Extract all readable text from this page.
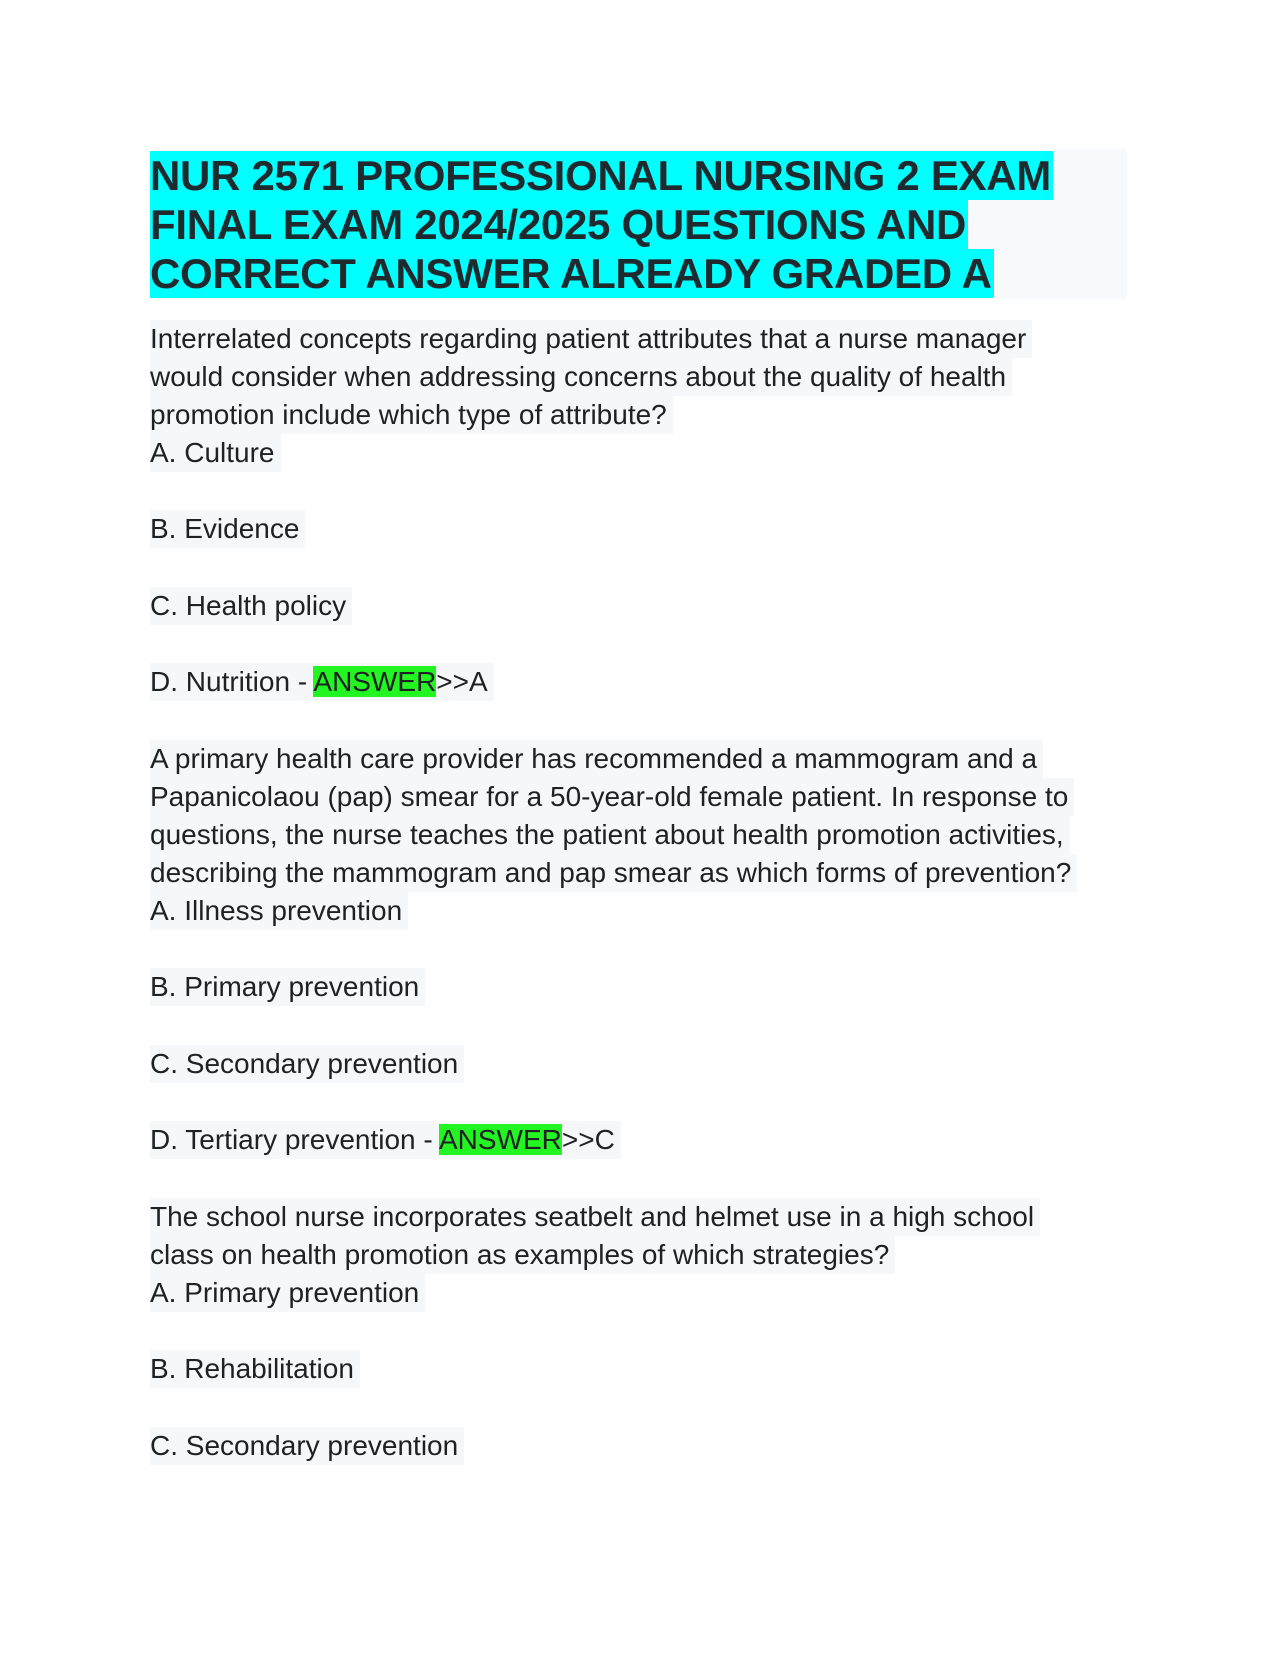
NUR 2571 PROFESSIONAL NURSING 2 EXAM
FINAL EXAM 2024/2025 QUESTIONS AND
CORRECT ANSWER ALREADY GRADED A
Interrelated concepts regarding patient attributes that a nurse manager
would consider when addressing concerns about the quality of health
promotion include which type of attribute?
A. Culture
B. Evidence
C. Health policy
D. Nutrition - ANSWER>>A
A primary health care provider has recommended a mammogram and a
Papanicolaou (pap) smear for a 50-year-old female patient. In response to
questions, the nurse teaches the patient about health promotion activities,
describing the mammogram and pap smear as which forms of prevention?
A. Illness prevention
B. Primary prevention
C. Secondary prevention
D. Tertiary prevention - ANSWER>>C
The school nurse incorporates seatbelt and helmet use in a high school
class on health promotion as examples of which strategies?
A. Primary prevention
B. Rehabilitation
C. Secondary prevention
